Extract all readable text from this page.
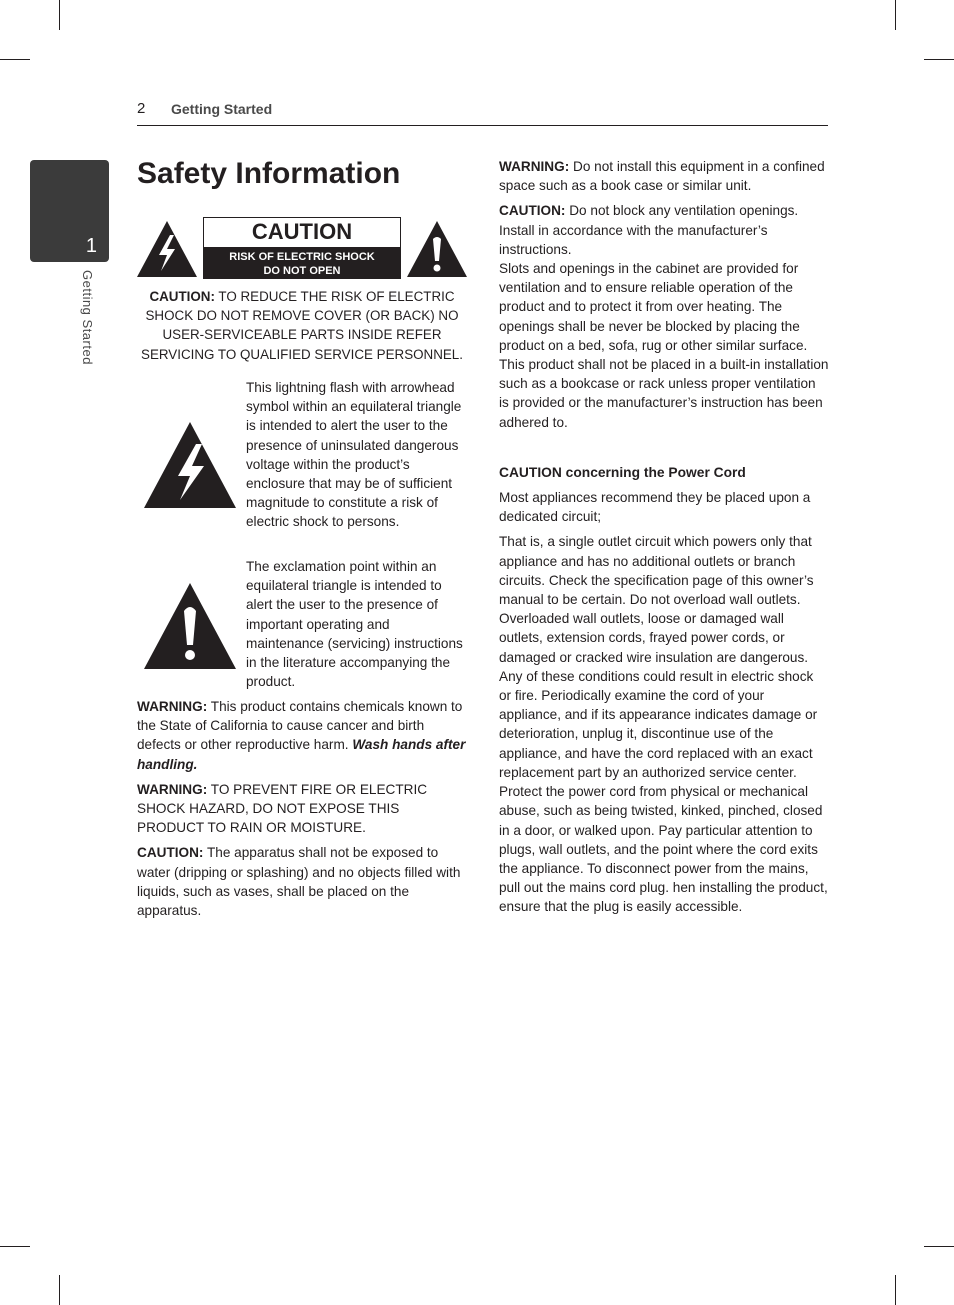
2 Getting Started
1
Getting Started
Safety Information
CAUTION
RISK OF ELECTRIC SHOCK
DO NOT OPEN

CAUTION: TO REDUCE THE RISK OF ELECTRIC SHOCK DO NOT REMOVE COVER (OR BACK) NO USER-SERVICEABLE PARTS INSIDE REFER SERVICING TO QUALIFIED SERVICE PERSONNEL.

This lightning flash with arrowhead symbol within an equilateral triangle is intended to alert the user to the presence of uninsulated dangerous voltage within the product’s enclosure that may be of sufficient magnitude to constitute a risk of electric shock to persons.

The exclamation point within an equilateral triangle is intended to alert the user to the presence of important operating and maintenance (servicing) instructions in the literature accompanying the product.

WARNING: This product contains chemicals known to the State of California to cause cancer and birth defects or other reproductive harm. Wash hands after handling.

WARNING: TO PREVENT FIRE OR ELECTRIC SHOCK HAZARD, DO NOT EXPOSE THIS PRODUCT TO RAIN OR MOISTURE.

CAUTION: The apparatus shall not be exposed to water (dripping or splashing) and no objects filled with liquids, such as vases, shall be placed on the apparatus.

WARNING: Do not install this equipment in a confined space such as a book case or similar unit.

CAUTION: Do not block any ventilation openings. Install in accordance with the manufacturer’s instructions.

Slots and openings in the cabinet are provided for ventilation and to ensure reliable operation of the product and to protect it from over heating. The openings shall be never be blocked by placing the product on a bed, sofa, rug or other similar surface. This product shall not be placed in a built-in installation such as a bookcase or rack unless proper ventilation is provided or the manufacturer’s instruction has been adhered to.

CAUTION concerning the Power Cord

Most appliances recommend they be placed upon a dedicated circuit;

That is, a single outlet circuit which powers only that appliance and has no additional outlets or branch circuits. Check the specification page of this owner’s manual to be certain. Do not overload wall outlets. Overloaded wall outlets, loose or damaged wall outlets, extension cords, frayed power cords, or damaged or cracked wire insulation are dangerous. Any of these conditions could result in electric shock or fire. Periodically examine the cord of your appliance, and if its appearance indicates damage or deterioration, unplug it, discontinue use of the appliance, and have the cord replaced with an exact replacement part by an authorized service center. Protect the power cord from physical or mechanical abuse, such as being twisted, kinked, pinched, closed in a door, or walked upon. Pay particular attention to plugs, wall outlets, and the point where the cord exits the appliance. To disconnect power from the mains, pull out the mains cord plug. hen installing the product, ensure that the plug is easily accessible.
